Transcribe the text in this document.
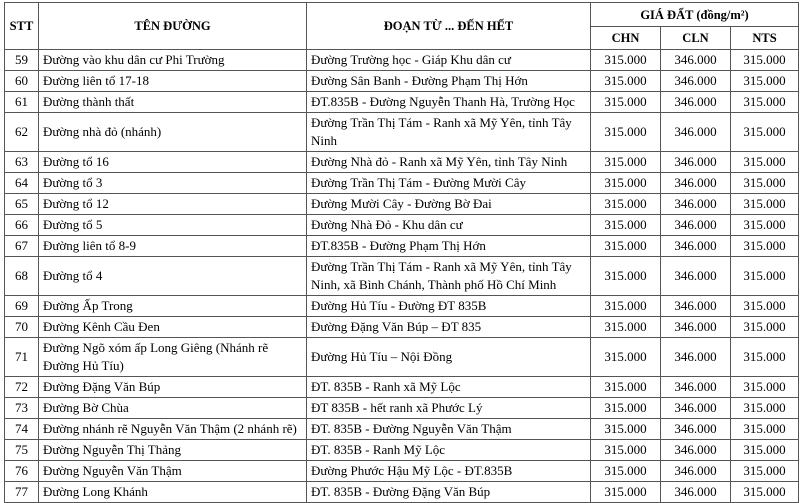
STT	TÊN ĐƯỜNG	ĐOẠN TỪ ... ĐẾN HẾT	GIÁ ĐẤT (đồng/m²)		
			CHN	CLN	NTS
59	Đường vào khu dân cư Phi Trường	Đường Trường học - Giáp Khu dân cư	315.000	346.000	315.000
60	Đường liên tổ 17-18	Đường Sân Banh - Đường Phạm Thị Hớn	315.000	346.000	315.000
61	Đường thành thất	ĐT.835B - Đường Nguyễn Thanh Hà, Trường Học	315.000	346.000	315.000
62	Đường nhà đỏ (nhánh)	Đường Trần Thị Tám - Ranh xã Mỹ Yên, tỉnh Tây Ninh	315.000	346.000	315.000
63	Đường tổ 16	Đường Nhà đỏ - Ranh xã Mỹ Yên, tỉnh Tây Ninh	315.000	346.000	315.000
64	Đường tổ 3	Đường Trần Thị Tám - Đường Mười Cây	315.000	346.000	315.000
65	Đường tổ 12	Đường Mười Cây - Đường Bờ Đai	315.000	346.000	315.000
66	Đường tổ 5	Đường Nhà Đỏ - Khu dân cư	315.000	346.000	315.000
67	Đường liên tổ 8-9	ĐT.835B - Đường Phạm Thị Hớn	315.000	346.000	315.000
68	Đường tổ 4	Đường Trần Thị Tám - Ranh xã Mỹ Yên, tỉnh Tây Ninh, xã Bình Chánh, Thành phố Hồ Chí Minh	315.000	346.000	315.000
69	Đường Ấp Trong	Đường Hủ Tíu - Đường ĐT 835B	315.000	346.000	315.000
70	Đường Kênh Cầu Đen	Đường Đặng Văn Búp – ĐT 835	315.000	346.000	315.000
71	Đường Ngõ xóm ấp Long Giêng (Nhánh rẽ Đường Hủ Tíu)	Đường Hủ Tíu – Nội Đồng	315.000	346.000	315.000
72	Đường Đặng Văn Búp	ĐT. 835B - Ranh xã Mỹ Lộc	315.000	346.000	315.000
73	Đường Bờ Chùa	ĐT 835B - hết ranh xã Phước Lý	315.000	346.000	315.000
74	Đường nhánh rẽ Nguyễn Văn Thậm (2 nhánh rẽ)	ĐT. 835B - Đường Nguyễn Văn Thậm	315.000	346.000	315.000
75	Đường Nguyễn Thị Thảng	ĐT. 835B - Ranh Mỹ Lộc	315.000	346.000	315.000
76	Đường Nguyễn Văn Thậm	Đường Phước Hậu Mỹ Lộc - ĐT.835B	315.000	346.000	315.000
77	Đường Long Khánh	ĐT. 835B - Đường Đặng Văn Búp	315.000	346.000	315.000
